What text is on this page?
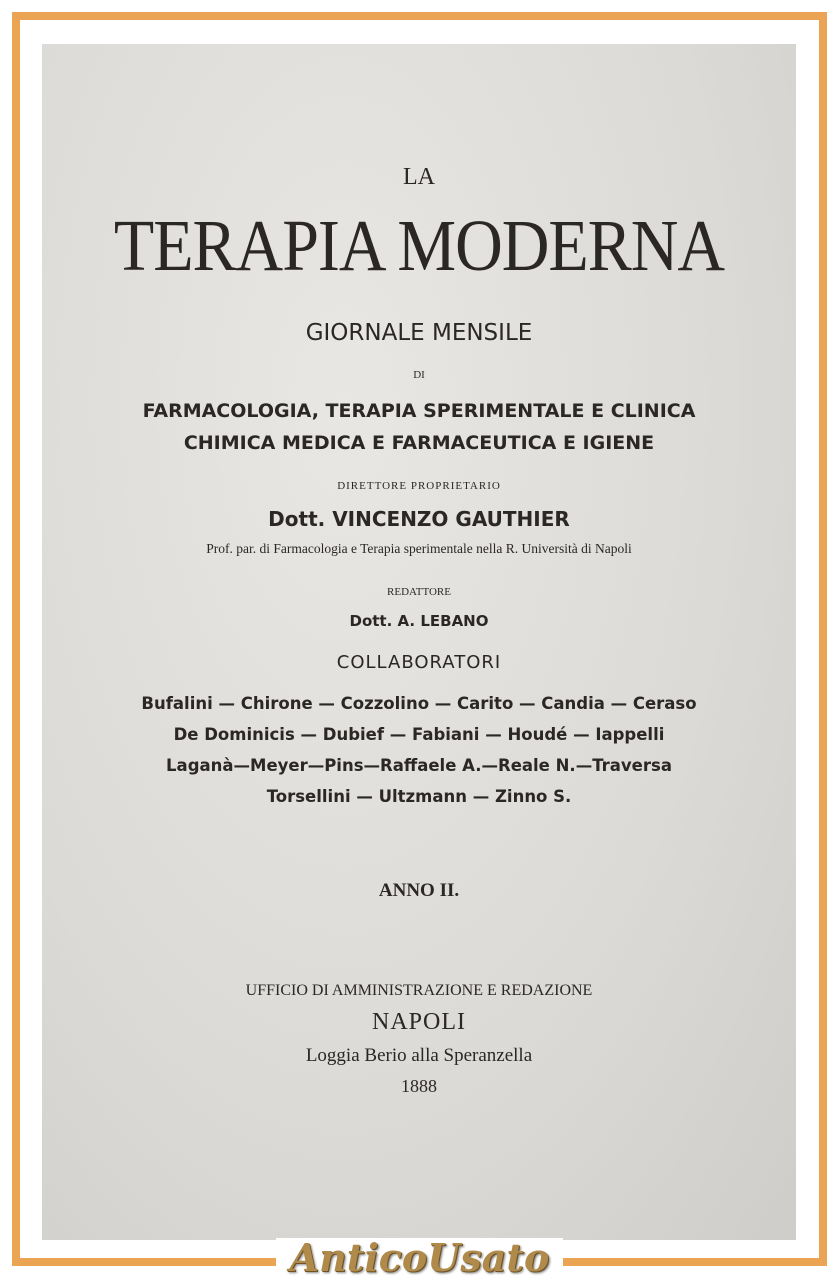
LA
TERAPIA MODERNA
GIORNALE MENSILE
DI
FARMACOLOGIA, TERAPIA SPERIMENTALE E CLINICA
CHIMICA MEDICA E FARMACEUTICA E IGIENE
DIRETTORE PROPRIETARIO
Dott. VINCENZO GAUTHIER
Prof. par. di Farmacologia e Terapia sperimentale nella R. Università di Napoli
REDATTORE
Dott. A. LEBANO
COLLABORATORI
Bufalini — Chirone — Cozzolino — Carito — Candia — Ceraso
De Dominicis — Dubief — Fabiani — Houdé — Iappelli
Laganà—Meyer—Pins—Raffaele A.—Reale N.—Traversa
Torsellini — Ultzmann — Zinno S.
ANNO II.
UFFICIO DI AMMINISTRAZIONE E REDAZIONE
NAPOLI
Loggia Berio alla Speranzella
1888
AnticoUsato
